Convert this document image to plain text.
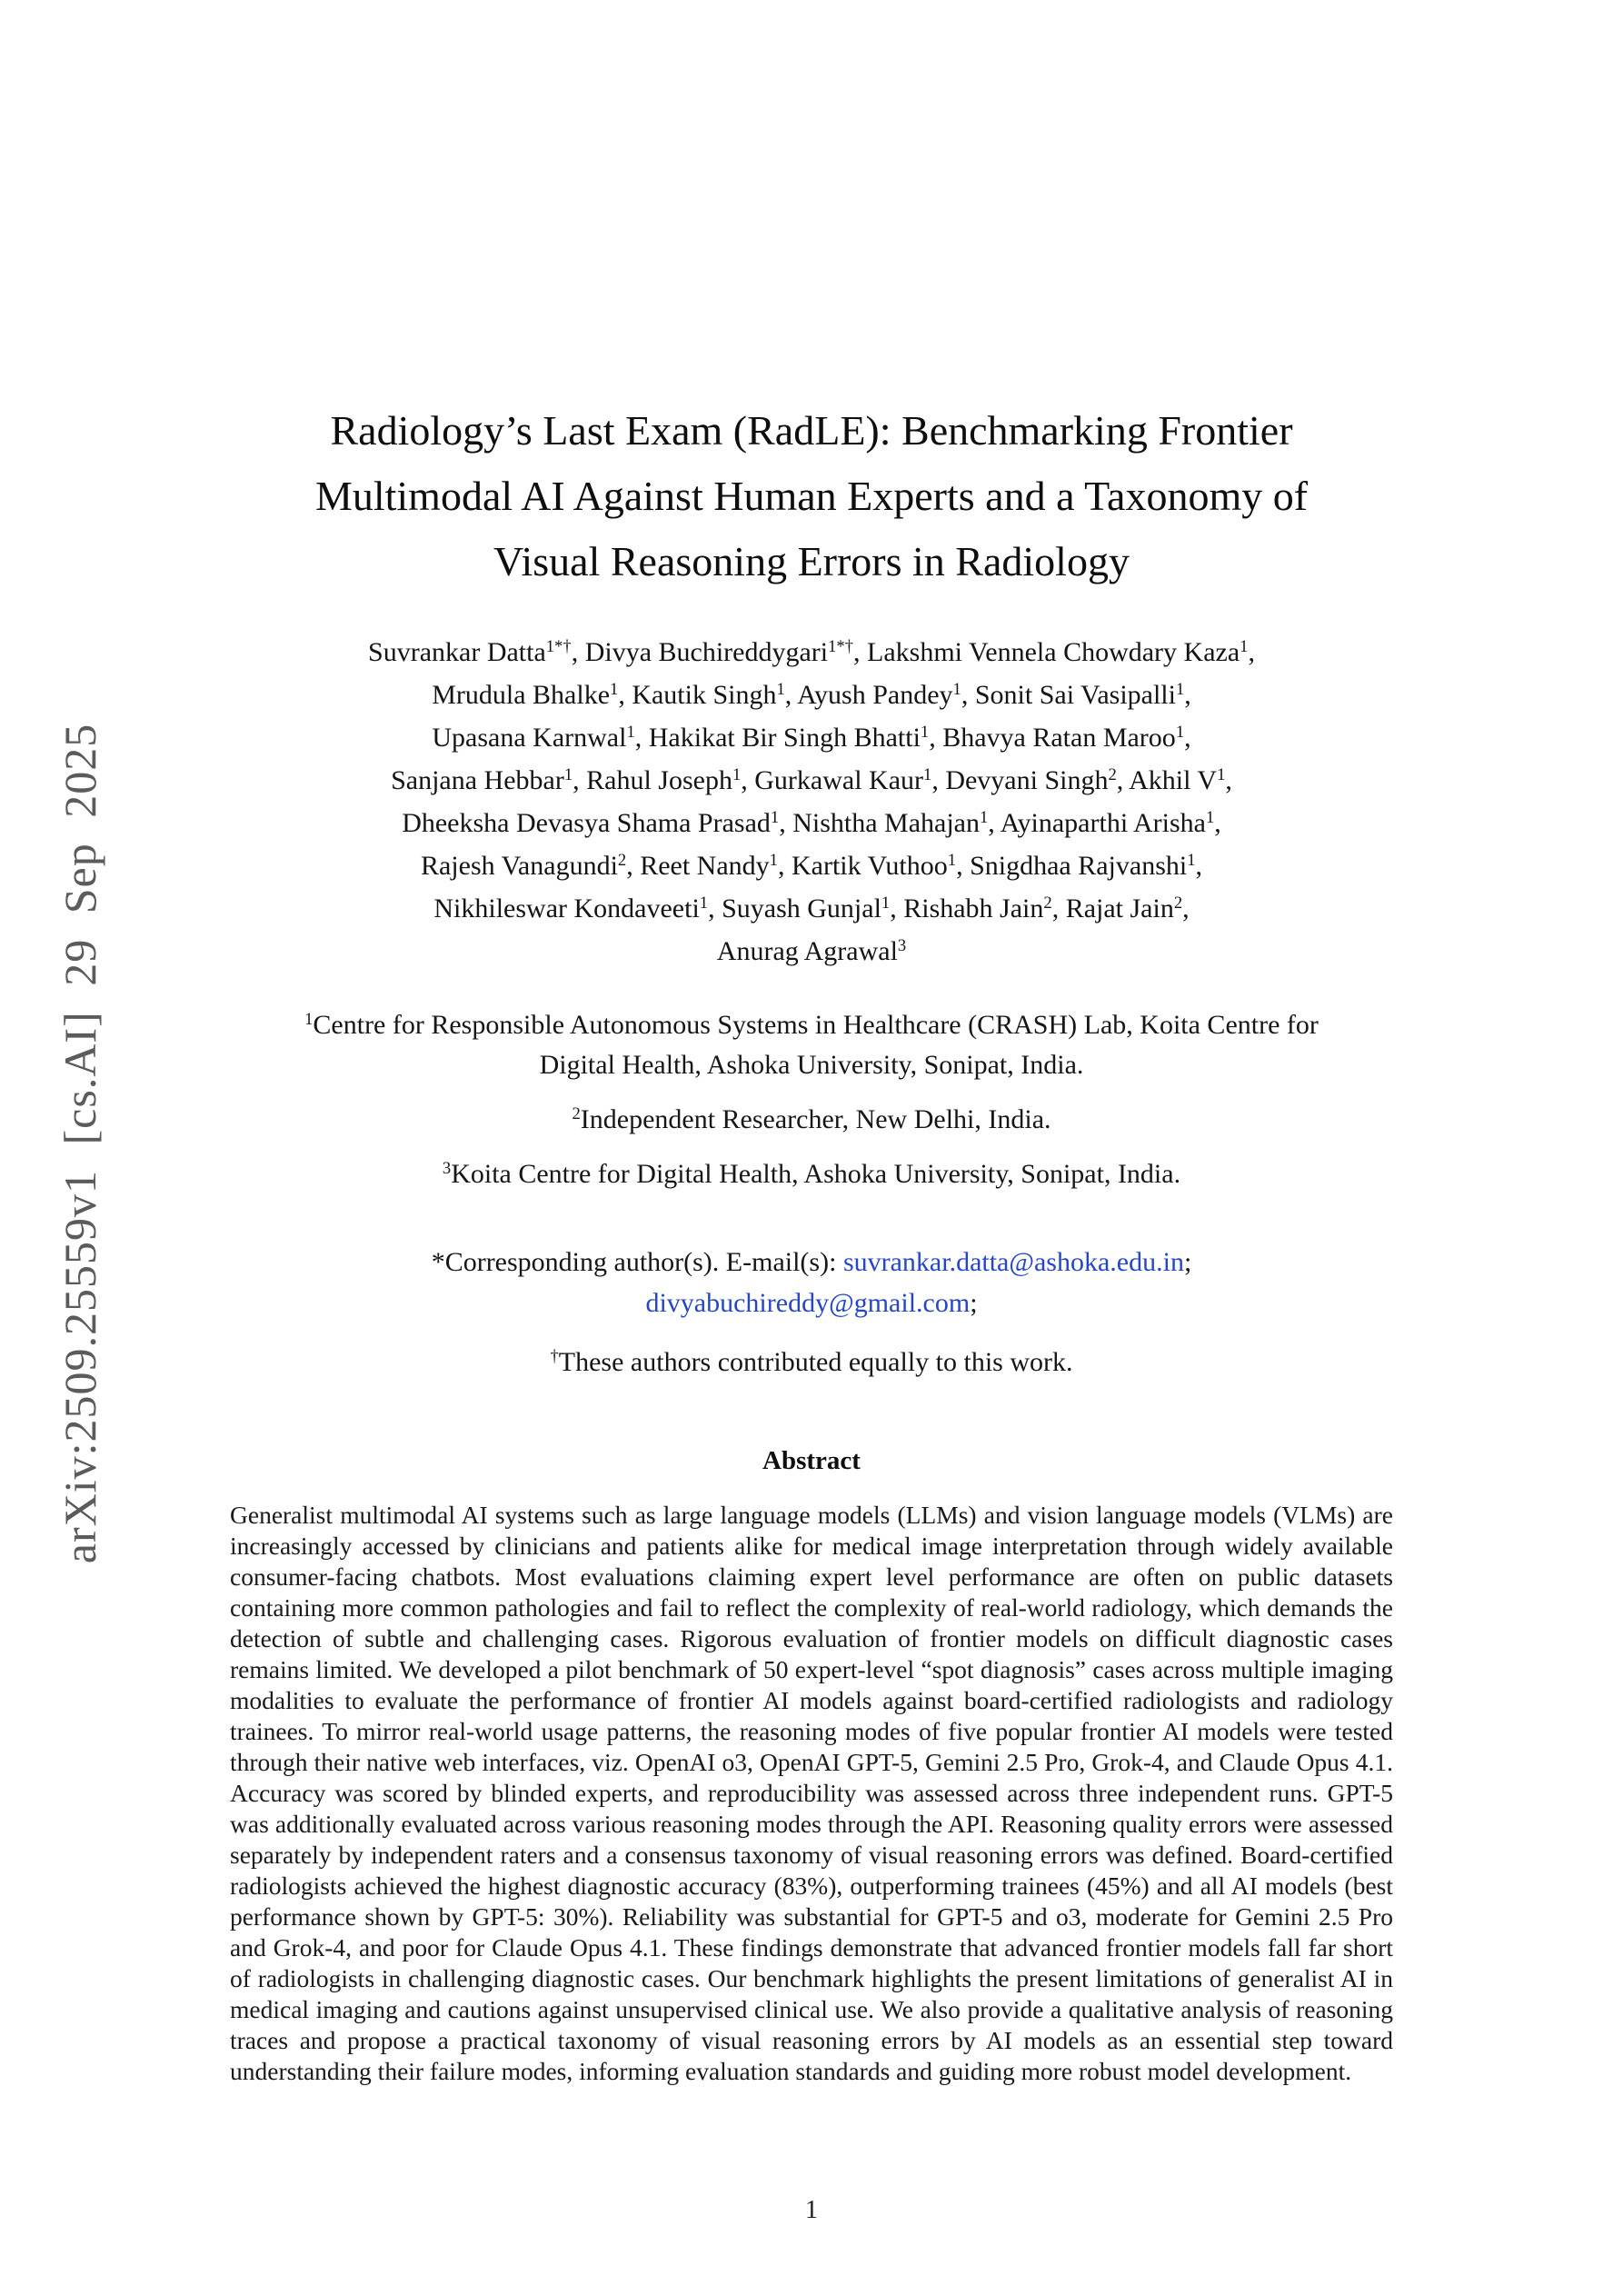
arXiv:2509.25559v1 [cs.AI] 29 Sep 2025
Radiology’s Last Exam (RadLE): Benchmarking Frontier
Multimodal AI Against Human Experts and a Taxonomy of
Visual Reasoning Errors in Radiology
Suvrankar Datta$^{1*\dagger}$, Divya Buchireddygari$^{1*\dagger}$, Lakshmi Vennela Chowdary Kaza$^1$,
Mrudula Bhalke$^1$, Kautik Singh$^1$, Ayush Pandey$^1$, Sonit Sai Vasipalli$^1$,
Upasana Karnwal$^1$, Hakikat Bir Singh Bhatti$^1$, Bhavya Ratan Maroo$^1$,
Sanjana Hebbar$^1$, Rahul Joseph$^1$, Gurkawal Kaur$^1$, Devyani Singh$^2$, Akhil $V^1$,
Dheeksha Devasya Shama Prasad$^1$, Nishtha Mahajan$^1$, Ayinaparthi Arisha$^1$,
Rajesh Vanagundi$^2$, Reet Nandy$^1$, Kartik Vuthoo$^1$, Snigdhaa Rajvanshi$^1$,
Nikhileswar Kondaveeti$^1$, Suyash Gunjal$^1$, Rishabh Jain$^2$, Rajat Jain$^2$,
Anurag Agrawal$^3$
$^1$Centre for Responsible Autonomous Systems in Healthcare (CRASH) Lab, Koita Centre for Digital Health, Ashoka University, Sonipat, India.
$^2$Independent Researcher, New Delhi, India.
$^3$Koita Centre for Digital Health, Ashoka University, Sonipat, India.
*Corresponding author(s). E-mail(s): suvrankar.datta@ashoka.edu.in;
divyabuchireddy@gmail.com;
†These authors contributed equally to this work.
Abstract

Generalist multimodal AI systems such as large language models (LLMs) and vision language models (VLMs) are increasingly accessed by clinicians and patients alike for medical image interpretation through widely available consumer-facing chatbots. Most evaluations claiming expert level performance are often on public datasets containing more common pathologies and fail to reflect the complexity of real-world radiology, which demands the detection of subtle and challenging cases. Rigorous evaluation of frontier models on difficult diagnostic cases remains limited. We developed a pilot benchmark of 50 expert-level “spot diagnosis” cases across multiple imaging modalities to evaluate the performance of frontier AI models against board-certified radiologists and radiology trainees. To mirror real-world usage patterns, the reasoning modes of five popular frontier AI models were tested through their native web interfaces, viz. OpenAI o3, OpenAI GPT-5, Gemini 2.5 Pro, Grok-4, and Claude Opus 4.1. Accuracy was scored by blinded experts, and reproducibility was assessed across three independent runs. GPT-5 was additionally evaluated across various reasoning modes through the API. Reasoning quality errors were assessed separately by independent raters and a consensus taxonomy of visual reasoning errors was defined. Board-certified radiologists achieved the highest diagnostic accuracy (83%), outperforming trainees (45%) and all AI models (best performance shown by GPT-5: 30%). Reliability was substantial for GPT-5 and o3, moderate for Gemini 2.5 Pro and Grok-4, and poor for Claude Opus 4.1. These findings demonstrate that advanced frontier models fall far short of radiologists in challenging diagnostic cases. Our benchmark highlights the present limitations of generalist AI in medical imaging and cautions against unsupervised clinical use. We also provide a qualitative analysis of reasoning traces and propose a practical taxonomy of visual reasoning errors by AI models as an essential step toward understanding their failure modes, informing evaluation standards and guiding more robust model development.

1
